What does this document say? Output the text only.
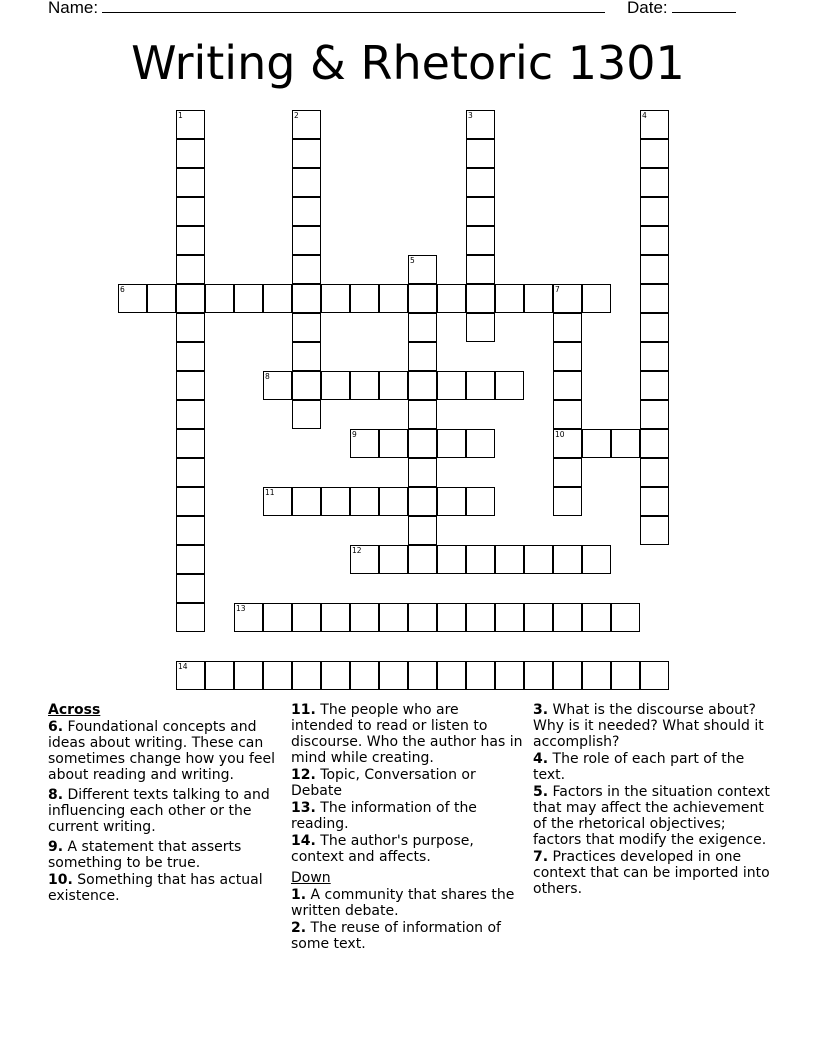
Name:	Date:
Writing & Rhetoric 1301
1	2	3	4
5
6	7
10
8
9
11
12
13
14
Across
6. Foundational concepts and ideas about writing. These can sometimes change how you feel about reading and writing.
8. Different texts talking to and influencing each other or the current writing.
9. A statement that asserts something to be true.
10. Something that has actual existence.
11. The people who are intended to read or listen to discourse. Who the author has in mind while creating.
12. Topic, Conversation or Debate
13. The information of the reading.
14. The author's purpose, context and affects.
Down
1. A community that shares the written debate.
2. The reuse of information of some text.
3. What is the discourse about? Why is it needed? What should it accomplish?
4. The role of each part of the text.
5. Factors in the situation context that may affect the achievement of the rhetorical objectives; factors that modify the exigence.
7. Practices developed in one context that can be imported into others.
